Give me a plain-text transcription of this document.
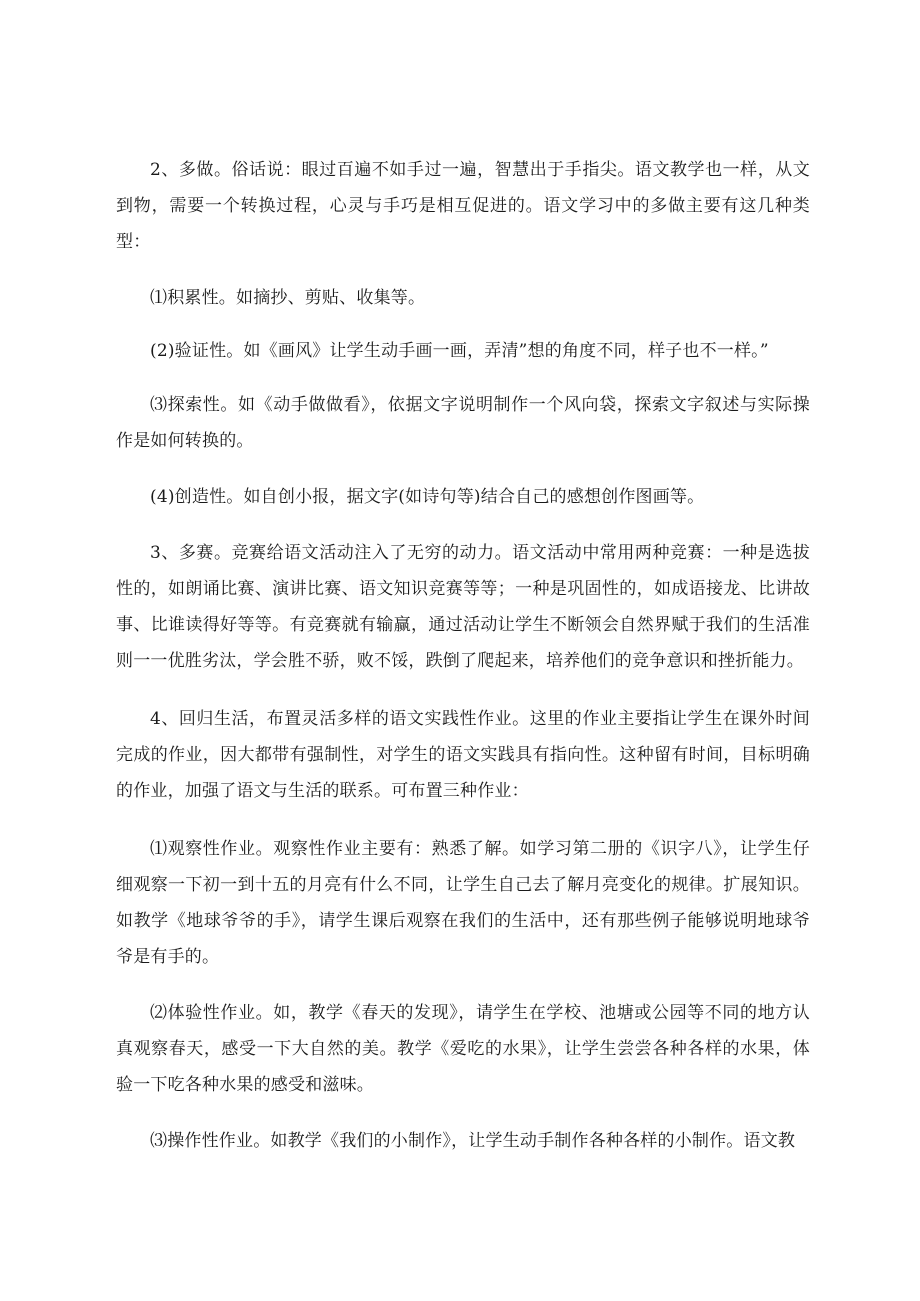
2、多做。俗话说：眼过百遍不如手过一遍，智慧出于手指尖。语文教学也一样，从文到物，需要一个转换过程，心灵与手巧是相互促进的。语文学习中的多做主要有这几种类型：

⑴积累性。如摘抄、剪贴、收集等。

(2)验证性。如《画风》让学生动手画一画，弄清”想的角度不同，样子也不一样。”

⑶探索性。如《动手做做看》，依据文字说明制作一个风向袋，探索文字叙述与实际操作是如何转换的。

(4)创造性。如自创小报，据文字(如诗句等)结合自己的感想创作图画等。

3、多赛。竞赛给语文活动注入了无穷的动力。语文活动中常用两种竞赛：一种是选拔性的，如朗诵比赛、演讲比赛、语文知识竞赛等等；一种是巩固性的，如成语接龙、比讲故事、比谁读得好等等。有竞赛就有输赢，通过活动让学生不断领会自然界赋于我们的生活准则一一优胜劣汰，学会胜不骄，败不馁，跌倒了爬起来，培养他们的竞争意识和挫折能力。

4、回归生活，布置灵活多样的语文实践性作业。这里的作业主要指让学生在课外时间完成的作业，因大都带有强制性，对学生的语文实践具有指向性。这种留有时间，目标明确的作业，加强了语文与生活的联系。可布置三种作业：

⑴观察性作业。观察性作业主要有：熟悉了解。如学习第二册的《识字八》，让学生仔细观察一下初一到十五的月亮有什么不同，让学生自己去了解月亮变化的规律。扩展知识。如教学《地球爷爷的手》，请学生课后观察在我们的生活中，还有那些例子能够说明地球爷爷是有手的。

⑵体验性作业。如，教学《春天的发现》，请学生在学校、池塘或公园等不同的地方认真观察春天，感受一下大自然的美。教学《爱吃的水果》，让学生尝尝各种各样的水果，体验一下吃各种水果的感受和滋味。

⑶操作性作业。如教学《我们的小制作》，让学生动手制作各种各样的小制作。语文教
